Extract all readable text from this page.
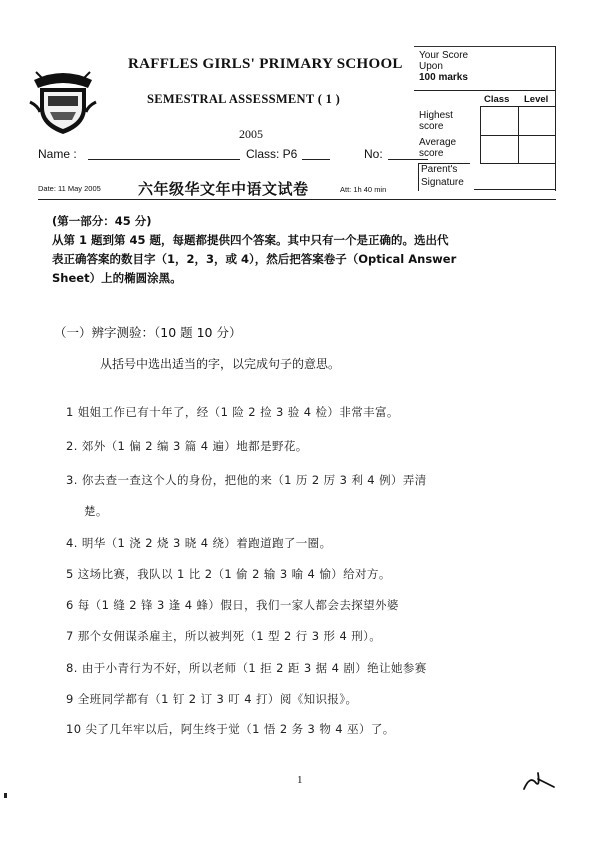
RAFFLES GIRLS' PRIMARY SCHOOL
SEMESTRAL ASSESSMENT ( 1 )
2005
Name :	Class: P6	No:
Your Score
Upon
100 marks
Class Level
Highest
score
Average
score
Parent's
Signature
Date: 11 May 2005 六年级华文年中语文试卷	Att: 1h 40 min
(第一部分：45 分)
从第 1 题到第 45 题，每题都提供四个答案。其中只有一个是正确的。选出代
表正确答案的数目字（1，2，3，或 4），然后把答案卷子（Optical Answer
Sheet）上的椭圆涂黑。
（一）辨字测验：（10 题 10 分）
从括号中选出适当的字，以完成句子的意思。
1 姐姐工作已有十年了，经（1 险 2 捡 3 验 4 检）非常丰富。
2. 郊外（1 偏 2 编 3 篇 4 遍）地都是野花。
3. 你去查一查这个人的身份，把他的来（1 历 2 厉 3 利 4 例）弄清
楚。
4. 明华（1 浇 2 烧 3 晓 4 绕）着跑道跑了一圈。
5 这场比赛，我队以 1 比 2（1 偷 2 输 3 喻 4 愉）给对方。
6 每（1 缝 2 锋 3 逢 4 蜂）假日，我们一家人都会去探望外婆
7 那个女佣谋杀雇主，所以被判死（1 型 2 行 3 形 4 刑）。
8. 由于小青行为不好，所以老师（1 拒 2 距 3 据 4 剧）绝让她参赛
9 全班同学都有（1 钉 2 订 3 叮 4 打）阅《知识报》。
10 尖了几年牢以后，阿生终于觉（1 悟 2 务 3 物 4 巫）了。
1
